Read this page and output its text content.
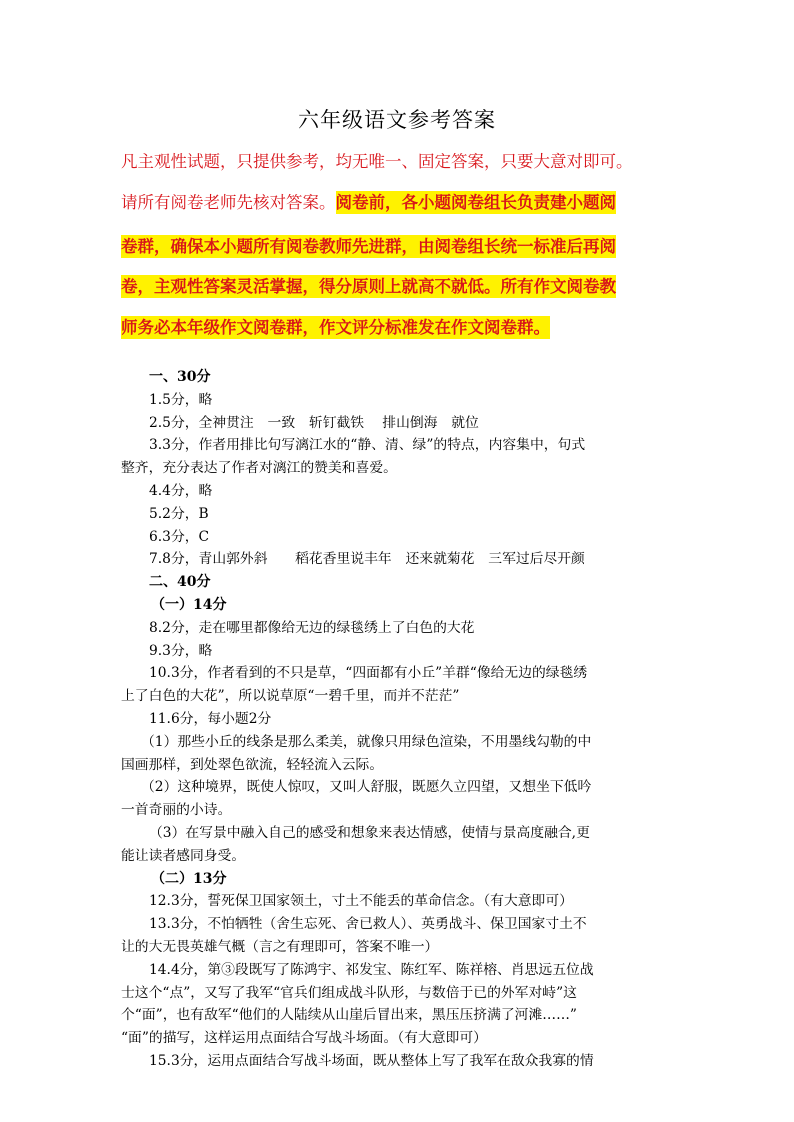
六年级语文参考答案
凡主观性试题，只提供参考，均无唯一、固定答案，只要大意对即可。
请所有阅卷老师先核对答案。阅卷前，各小题阅卷组长负责建小题阅
卷群，确保本小题所有阅卷教师先进群，由阅卷组长统一标准后再阅
卷，主观性答案灵活掌握，得分原则上就高不就低。所有作文阅卷教
师务必本年级作文阅卷群，作文评分标准发在作文阅卷群。
一、30分
1.5分，略
2.5分，全神贯注　一致　斩钉截铁　 排山倒海　就位
3.3分，作者用排比句写漓江水的“静、清、绿”的特点，内容集中，句式
整齐，充分表达了作者对漓江的赞美和喜爱。
4.4分，略
5.2分，B
6.3分，C
7.8分，青山郭外斜　　稻花香里说丰年　还来就菊花　三军过后尽开颜
二、40分
（一）14分
8.2分，走在哪里都像给无边的绿毯绣上了白色的大花
9.3分，略
10.3分，作者看到的不只是草，“四面都有小丘”羊群“像给无边的绿毯绣
上了白色的大花”，所以说草原“一碧千里，而并不茫茫”
11.6分，每小题2分
（1）那些小丘的线条是那么柔美，就像只用绿色渲染，不用墨线勾勒的中
国画那样，到处翠色欲流，轻轻流入云际。
（2）这种境界，既使人惊叹，又叫人舒服，既愿久立四望，又想坐下低吟
一首奇丽的小诗。
（3）在写景中融入自己的感受和想象来表达情感，使情与景高度融合,更
能让读者感同身受。
（二）13分
12.3分，誓死保卫国家领土，寸土不能丢的革命信念。（有大意即可）
13.3分，不怕牺牲（舍生忘死、舍已救人）、英勇战斗、保卫国家寸土不
让的大无畏英雄气概（言之有理即可，答案不唯一）
14.4分，第③段既写了陈鸿宇、祁发宝、陈红军、陈祥榕、肖思远五位战
士这个“点”，又写了我军“官兵们组成战斗队形，与数倍于已的外军对峙”这
个“面”，也有敌军“他们的人陆续从山崖后冒出来，黑压压挤满了河滩……”
“面”的描写，这样运用点面结合写战斗场面。（有大意即可）
15.3分，运用点面结合写战斗场面，既从整体上写了我军在敌众我寡的情
